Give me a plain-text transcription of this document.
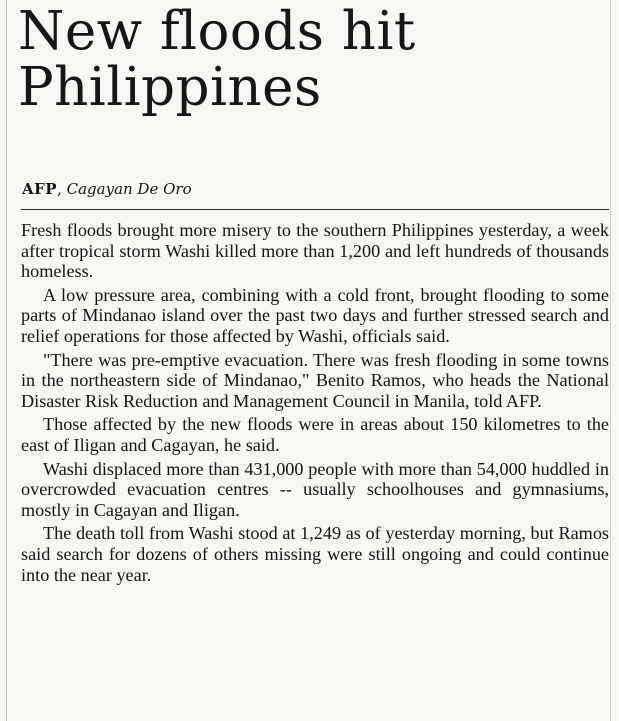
New floods hit Philippines
AFP, Cagayan De Oro

Fresh floods brought more misery to the southern Philippines yesterday, a week after tropical storm Washi killed more than 1,200 and left hundreds of thousands homeless.

A low pressure area, combining with a cold front, brought flooding to some parts of Mindanao island over the past two days and further stressed search and relief operations for those affected by Washi, officials said.

"There was pre-emptive evacuation. There was fresh flooding in some towns in the northeastern side of Mindanao," Benito Ramos, who heads the National Disaster Risk Reduction and Management Council in Manila, told AFP.

Those affected by the new floods were in areas about 150 kilometres to the east of Iligan and Cagayan, he said.

Washi displaced more than 431,000 people with more than 54,000 huddled in overcrowded evacuation centres -- usually schoolhouses and gymnasiums, mostly in Cagayan and Iligan.

The death toll from Washi stood at 1,249 as of yesterday morning, but Ramos said search for dozens of others missing were still ongoing and could continue into the near year.
